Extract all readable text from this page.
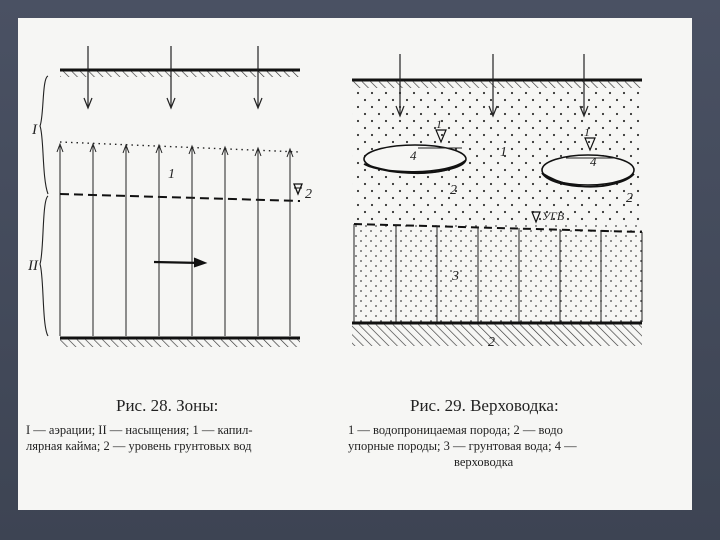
I
II
1
2
1
1
1
4	4
2
2
УГВ
3
2
Рис. 28. Зоны:
I — аэрации; II — насыщения; 1 — капил-
лярная кайма; 2 — уровень грунтовых вод
Рис. 29. Верховодка:
1 — водопроницаемая порода; 2 — водо
упорные породы; 3 — грунтовая вода; 4 —
верховодка
